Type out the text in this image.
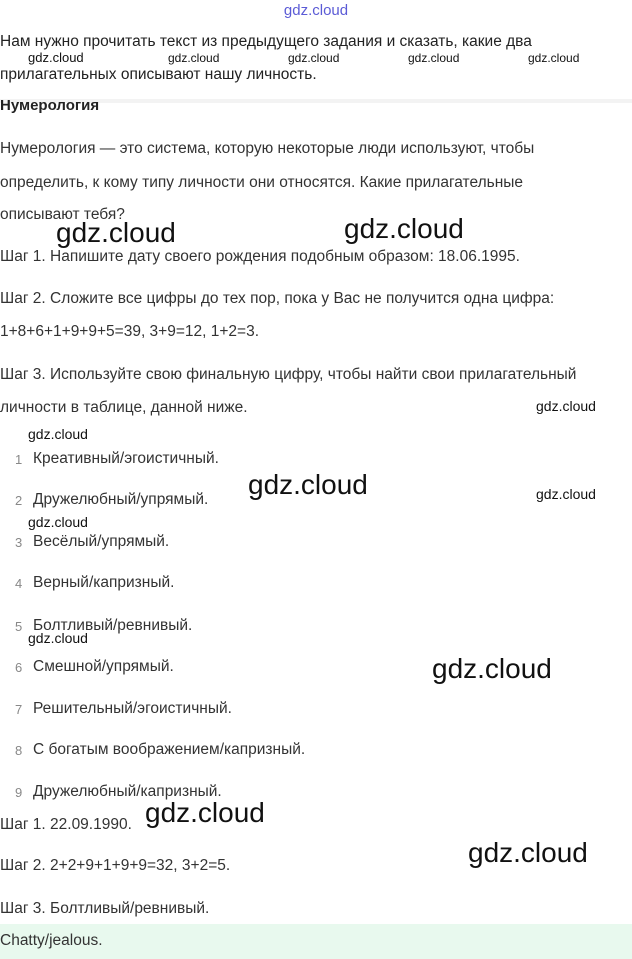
gdz.cloud
Нам нужно прочитать текст из предыдущего задания и сказать, какие два
прилагательных описывают нашу личность.
Нумерология
Нумерология — это система, которую некоторые люди используют, чтобы
определить, к кому типу личности они относятся. Какие прилагательные
описывают тебя?
Шаг 1. Напишите дату своего рождения подобным образом: 18.06.1995.
Шаг 2. Сложите все цифры до тех пор, пока у Вас не получится одна цифра:
1+8+6+1+9+9+5=39, 3+9=12, 1+2=3.
Шаг 3. Используйте свою финальную цифру, чтобы найти свои прилагательный
личности в таблице, данной ниже.
1 Креативный/эгоистичный.
2 Дружелюбный/упрямый.
3 Весёлый/упрямый.
4 Верный/капризный.
5 Болтливый/ревнивый.
6 Смешной/упрямый.
7 Решительный/эгоистичный.
8 С богатым воображением/капризный.
9 Дружелюбный/капризный.
Шаг 1. 22.09.1990.
Шаг 2. 2+2+9+1+9+9=32, 3+2=5.
Шаг 3. Болтливый/ревнивый.
Chatty/jealous.
gdz.cloud	gdz.cloud	gdz.cloud	gdz.cloud	gdz.cloud
gdz.cloud	gdz.cloud
gdz.cloud
gdz.cloud
gdz.cloud	gdz.cloud
gdz.cloud
gdz.cloud
gdz.cloud
gdz.cloud
gdz.cloud
